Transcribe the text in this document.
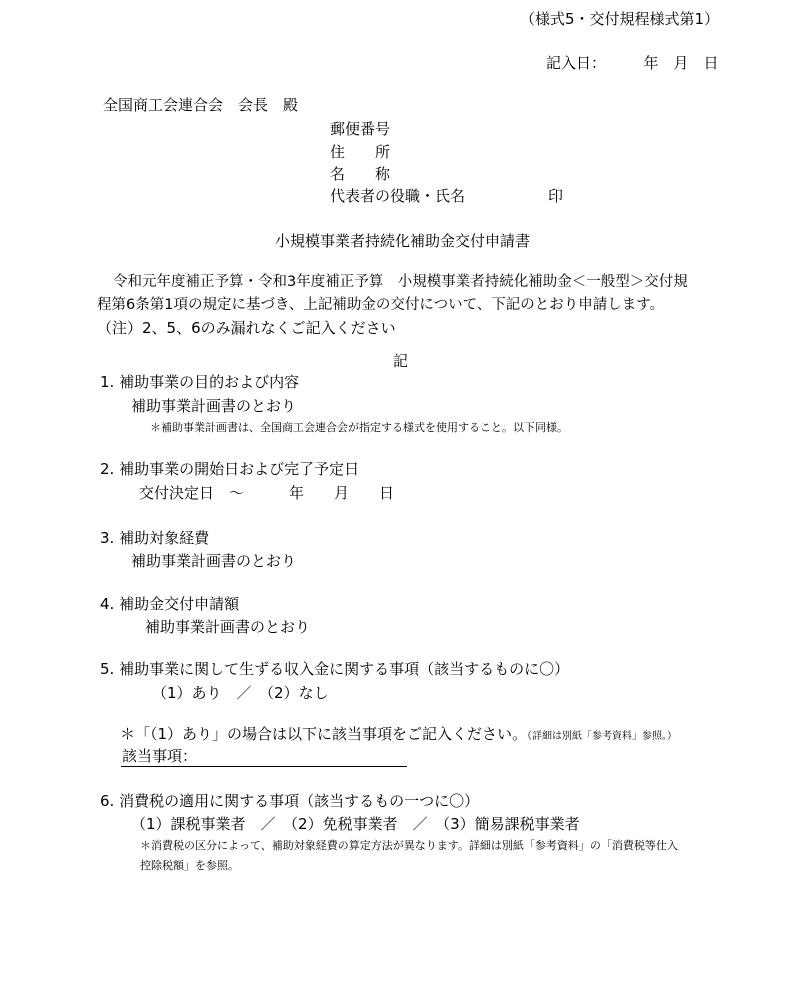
（様式5・交付規程様式第1）
記入日：　　　年　月　日
全国商工会連合会　会長　殿
郵便番号
住　　所
名　　称
代表者の役職・氏名	印
小規模事業者持続化補助金交付申請書
令和元年度補正予算・令和3年度補正予算　小規模事業者持続化補助金＜一般型＞交付規
程第6条第1項の規定に基づき、上記補助金の交付について、下記のとおり申請します。
（注）2、5、6のみ漏れなくご記入ください
記
1. 補助事業の目的および内容
補助事業計画書のとおり
＊補助事業計画書は、全国商工会連合会が指定する様式を使用すること。以下同様。
2. 補助事業の開始日および完了予定日
交付決定日　～　　　年　　月　　日
3. 補助対象経費
補助事業計画書のとおり
4. 補助金交付申請額
補助事業計画書のとおり
5. 補助事業に関して生ずる収入金に関する事項（該当するものに〇）
（1）あり　／　（2）なし
＊「（1）あり」の場合は以下に該当事項をご記入ください。（詳細は別紙「参考資料」参照。）
該当事項：
6. 消費税の適用に関する事項（該当するもの一つに〇）
（1）課税事業者　／　（2）免税事業者　／　（3）簡易課税事業者
＊消費税の区分によって、補助対象経費の算定方法が異なります。詳細は別紙「参考資料」の「消費税等仕入
控除税額」を参照。
